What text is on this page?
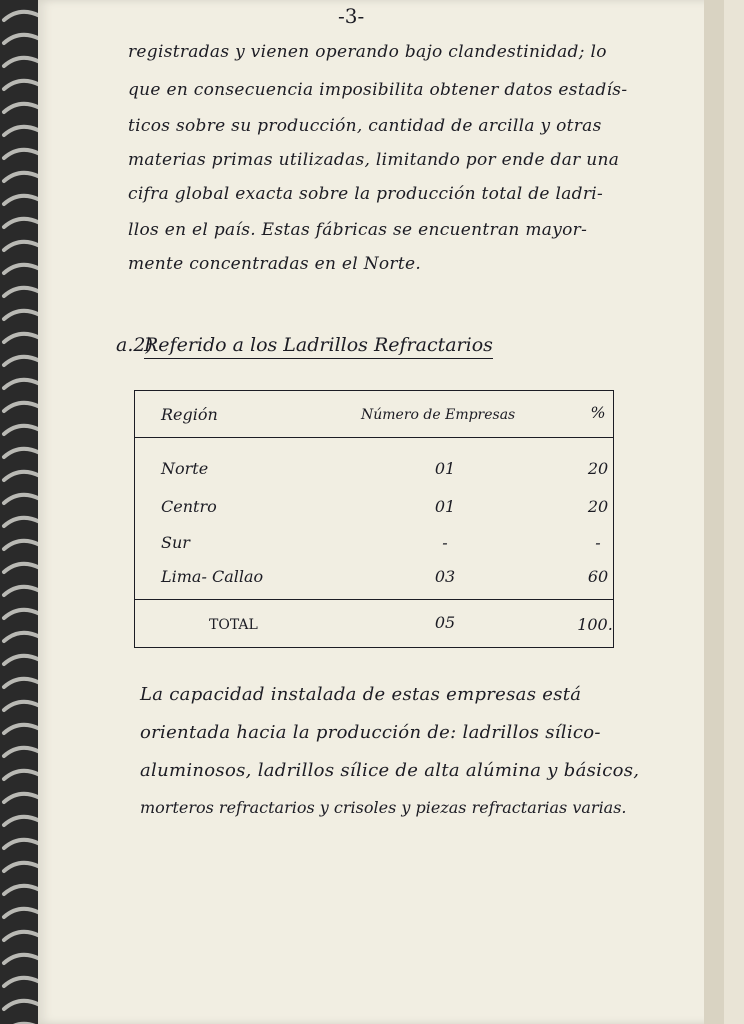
-3-
registradas y vienen operando bajo clandestinidad; lo
que en consecuencia imposibilita obtener datos estadís-
ticos sobre su producción, cantidad de arcilla y otras
materias primas utilizadas, limitando por ende dar una
cifra global exacta sobre la producción total de ladri-
llos en el país. Estas fábricas se encuentran mayor-
mente concentradas en el Norte.
a.2)
Referido a los Ladrillos Refractarios
Región	Número de Empresas	%
Norte	01	20
Centro	01	20
Sur	-	-
Lima- Callao	03	60
TOTAL	05	100.
La capacidad instalada de estas empresas está
orientada hacia la producción de: ladrillos sílico-
aluminosos, ladrillos sílice de alta alúmina y básicos,
morteros refractarios y crisoles y piezas refractarias varias.
